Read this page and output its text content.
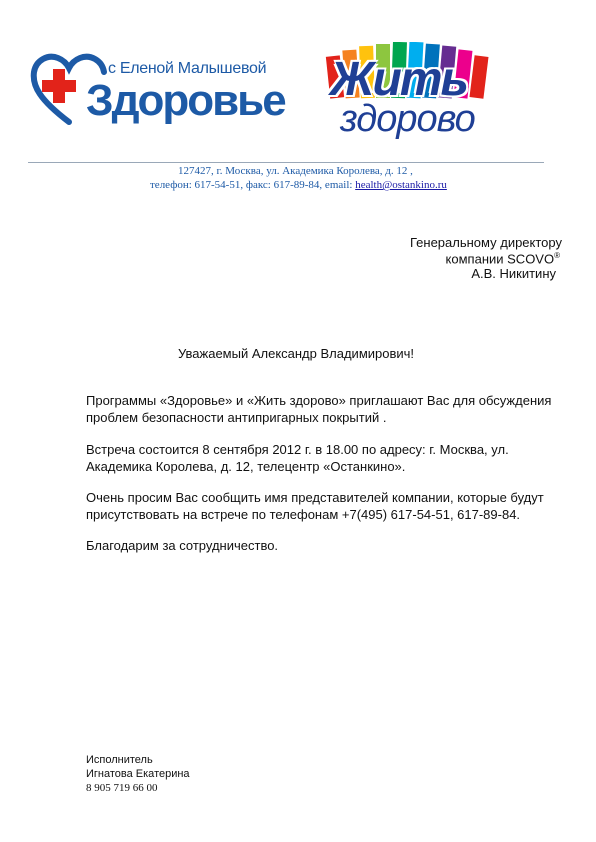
с Еленой Малышевой
Здоровье Жить
здорово
127427, г. Москва, ул. Академика Королева, д. 12 ,
телефон: 617-54-51, факс: 617-89-84, email: health@ostankino.ru
Генеральному директору
компании SCOVO®
А.В. Никитину
Уважаемый Александр Владимирович!
Программы «Здоровье» и «Жить здорово» приглашают Вас для обсуждения проблем безопасности антипригарных покрытий .
Встреча состоится 8 сентября 2012 г. в 18.00 по адресу: г. Москва, ул. Академика Королева, д. 12, телецентр «Останкино».
Очень просим Вас сообщить имя представителей компании, которые будут присутствовать на встрече по телефонам +7(495) 617-54-51, 617-89-84.
Благодарим за сотрудничество.
Исполнитель
Игнатова Екатерина
8 905 719 66 00
